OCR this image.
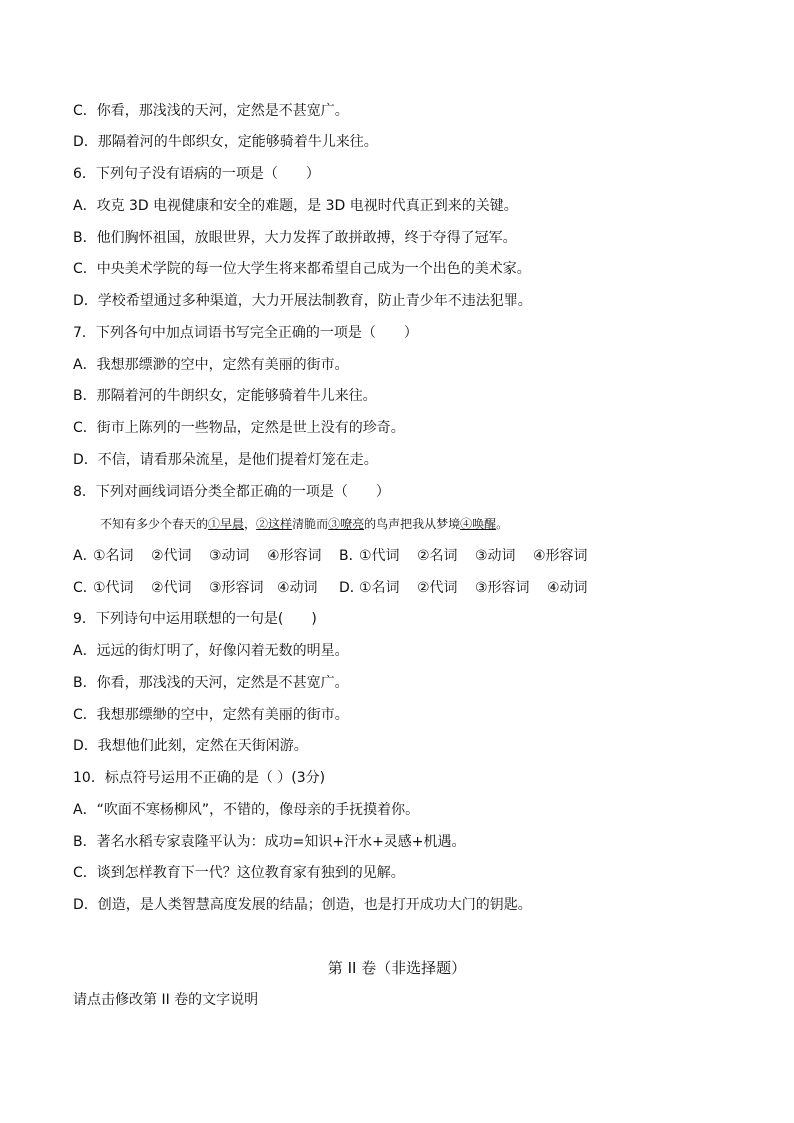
C．你看，那浅浅的天河，定然是不甚宽广。
D．那隔着河的牛郎织女，定能够骑着牛儿来往。
6．下列句子没有语病的一项是（　　）
A．攻克 3D 电视健康和安全的难题，是 3D 电视时代真正到来的关键。
B．他们胸怀祖国，放眼世界，大力发挥了敢拼敢搏，终于夺得了冠军。
C．中央美术学院的每一位大学生将来都希望自己成为一个出色的美术家。
D．学校希望通过多种渠道，大力开展法制教育，防止青少年不违法犯罪。
7．下列各句中加点词语书写完全正确的一项是（　　）
A．我想那缥渺的空中，定然有美丽的街市。
B．那隔着河的牛朗织女，定能够骑着牛儿来往。
C．街市上陈列的一些物品，定然是世上没有的珍奇。
D．不信，请看那朵流星，是他们提着灯笼在走。
8．下列对画线词语分类全都正确的一项是（　　）
不知有多少个春天的①早晨，②这样清脆而③嘹亮的鸟声把我从梦境④唤醒。
A．①名词 ②代词 ③动词 ④形容词 B．①代词 ②名词 ③动词 ④形容词
C．①代词 ②代词 ③形容词 ④动词 D．①名词 ②代词 ③形容词 ④动词
9．下列诗句中运用联想的一句是(　　)
A．远远的街灯明了，好像闪着无数的明星。
B．你看，那浅浅的天河，定然是不甚宽广。
C．我想那缥缈的空中，定然有美丽的街市。
D．我想他们此刻，定然在天街闲游。
10．标点符号运用不正确的是（ ）(3分)
A．“吹面不寒杨柳风”，不错的，像母亲的手抚摸着你。
B．著名水稻专家袁隆平认为：成功=知识+汗水+灵感+机遇。
C．谈到怎样教育下一代？这位教育家有独到的见解。
D．创造，是人类智慧高度发展的结晶；创造，也是打开成功大门的钥匙。
第 II 卷（非选择题）
请点击修改第 II 卷的文字说明
